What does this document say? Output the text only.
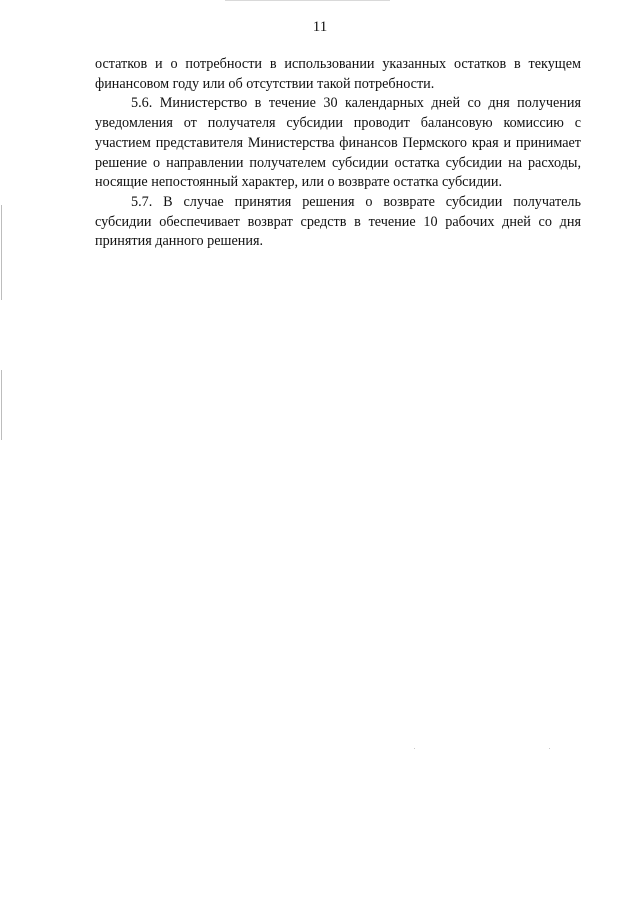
11

остатков и о потребности в использовании указанных остатков в текущем финансовом году или об отсутствии такой потребности.

5.6. Министерство в течение 30 календарных дней со дня получения уведомления от получателя субсидии проводит балансовую комиссию с участием представителя Министерства финансов Пермского края и принимает решение о направлении получателем субсидии остатка субсидии на расходы, носящие непостоянный характер, или о возврате остатка субсидии.

5.7. В случае принятия решения о возврате субсидии получатель субсидии обеспечивает возврат средств в течение 10 рабочих дней со дня принятия данного решения.
